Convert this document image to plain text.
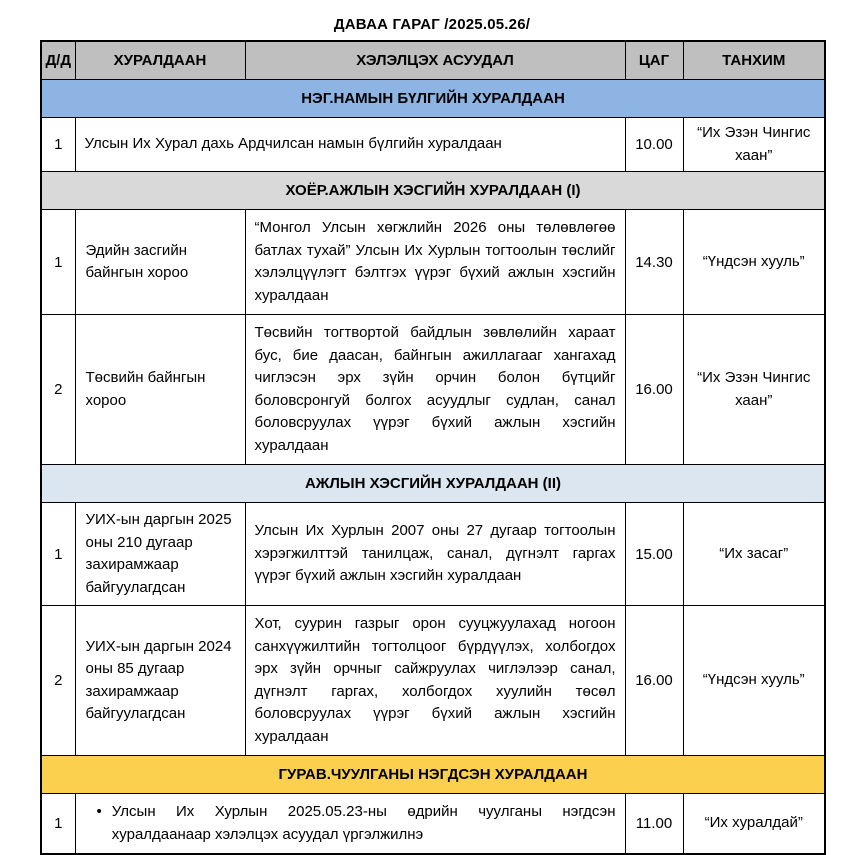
ДАВАА ГАРАГ /2025.05.26/
Д/Д	ХУРАЛДААН	ХЭЛЭЛЦЭХ АСУУДАЛ	ЦАГ	ТАНХИМ
НЭГ.НАМЫН БҮЛГИЙН ХУРАЛДААН				
1	Улсын Их Хурал дахь Ардчилсан намын бүлгийн хуралдаан		10.00	“Их Эзэн Чингис хаан”
ХОЁР.АЖЛЫН ХЭСГИЙН ХУРАЛДААН (I)				
1	Эдийн засгийн байнгын хороо	“Монгол Улсын хөгжлийн 2026 оны төлөвлөгөө батлах тухай” Улсын Их Хурлын тогтоолын төслийг хэлэлцүүлэгт бэлтгэх үүрэг бүхий ажлын хэсгийн хуралдаан	14.30	“Үндсэн хууль”
2	Төсвийн байнгын хороо	Төсвийн тогтвортой байдлын зөвлөлийн хараат бус, бие даасан, байнгын ажиллагааг хангахад чиглэсэн эрх зүйн орчин болон бүтцийг боловсронгуй болгох асуудлыг судлан, санал боловсруулах үүрэг бүхий ажлын хэсгийн хуралдаан	16.00	“Их Эзэн Чингис хаан”
АЖЛЫН ХЭСГИЙН ХУРАЛДААН (II)				
1	УИХ-ын даргын 2025 оны 210 дугаар захирамжаар байгуулагдсан	Улсын Их Хурлын 2007 оны 27 дугаар тогтоолын хэрэгжилттэй танилцаж, санал, дүгнэлт гаргах үүрэг бүхий ажлын хэсгийн хуралдаан	15.00	“Их засаг”
2	УИХ-ын даргын 2024 оны 85 дугаар захирамжаар байгуулагдсан	Хот, суурин газрыг орон сууцжуулахад ногоон санхүүжилтийн тогтолцоог бүрдүүлэх, холбогдох эрх зүйн орчныг сайжруулах чиглэлээр санал, дүгнэлт гаргах, холбогдох хуулийн төсөл боловсруулах үүрэг бүхий ажлын хэсгийн хуралдаан	16.00	“Үндсэн хууль”
ГУРАВ.ЧУУЛГАНЫ НЭГДСЭН ХУРАЛДААН				
1	• Улсын Их Хурлын 2025.05.23-ны өдрийн чуулганы нэгдсэн хуралдаанаар хэлэлцэх асуудал үргэлжилнэ		11.00	“Их хуралдай”
